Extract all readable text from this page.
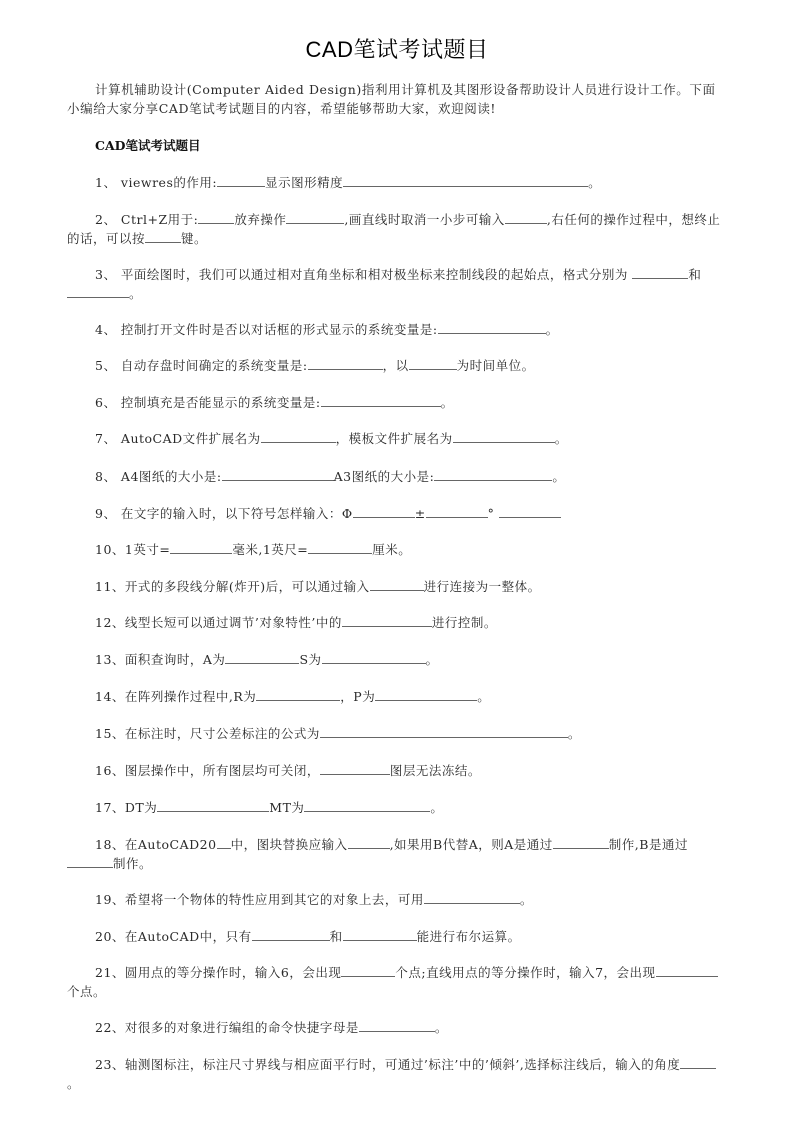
CAD笔试考试题目
计算机辅助设计(Computer Aided Design)指利用计算机及其图形设备帮助设计人员进行设计工作。下面小编给大家分享CAD笔试考试题目的内容，希望能够帮助大家，欢迎阅读!
CAD笔试考试题目
1、 viewres的作用:	显示图形精度	。
2、 Ctrl+Z用于:	放弃操作	,画直线时取消一小步可输入	,右任何的操作过程中，想终止的话，可以按	键。
3、 平面绘图时，我们可以通过相对直角坐标和相对极坐标来控制线段的起始点，格式分别为	和。
4、 控制打开文件时是否以对话框的形式显示的系统变量是:	。
5、 自动存盘时间确定的系统变量是:	，以	为时间单位。
6、 控制填充是否能显示的系统变量是:	。
7、 AutoCAD文件扩展名为	，模板文件扩展名为	。
8、 A4图纸的大小是:	A3图纸的大小是:	。
9、 在文字的输入时，以下符号怎样输入：Φ	±	°
10、1英寸=	毫米,1英尺=	厘米。
11、开式的多段线分解(炸开)后，可以通过输入	进行连接为一整体。
12、线型长短可以通过调节’对象特性’中的	进行控制。
13、面积查询时，A为	S为	。
14、在阵列操作过程中,R为	，P为	。
15、在标注时，尺寸公差标注的公式为	。
16、图层操作中，所有图层均可关闭，	图层无法冻结。
17、DT为	MT为	。
18、在AutoCAD20 中，图块替换应输入	,如果用B代替A，则A是通过	制作,B是通过制作。
19、希望将一个物体的特性应用到其它的对象上去，可用	。
20、在AutoCAD中，只有	和	能进行布尔运算。
21、圆用点的等分操作时，输入6，会出现	个点;直线用点的等分操作时，输入7，会出现个点。
22、对很多的对象进行编组的命令快捷字母是	。
23、轴测图标注，标注尺寸界线与相应面平行时，可通过’标注’中的’倾斜’,选择标注线后，输入的角度。
